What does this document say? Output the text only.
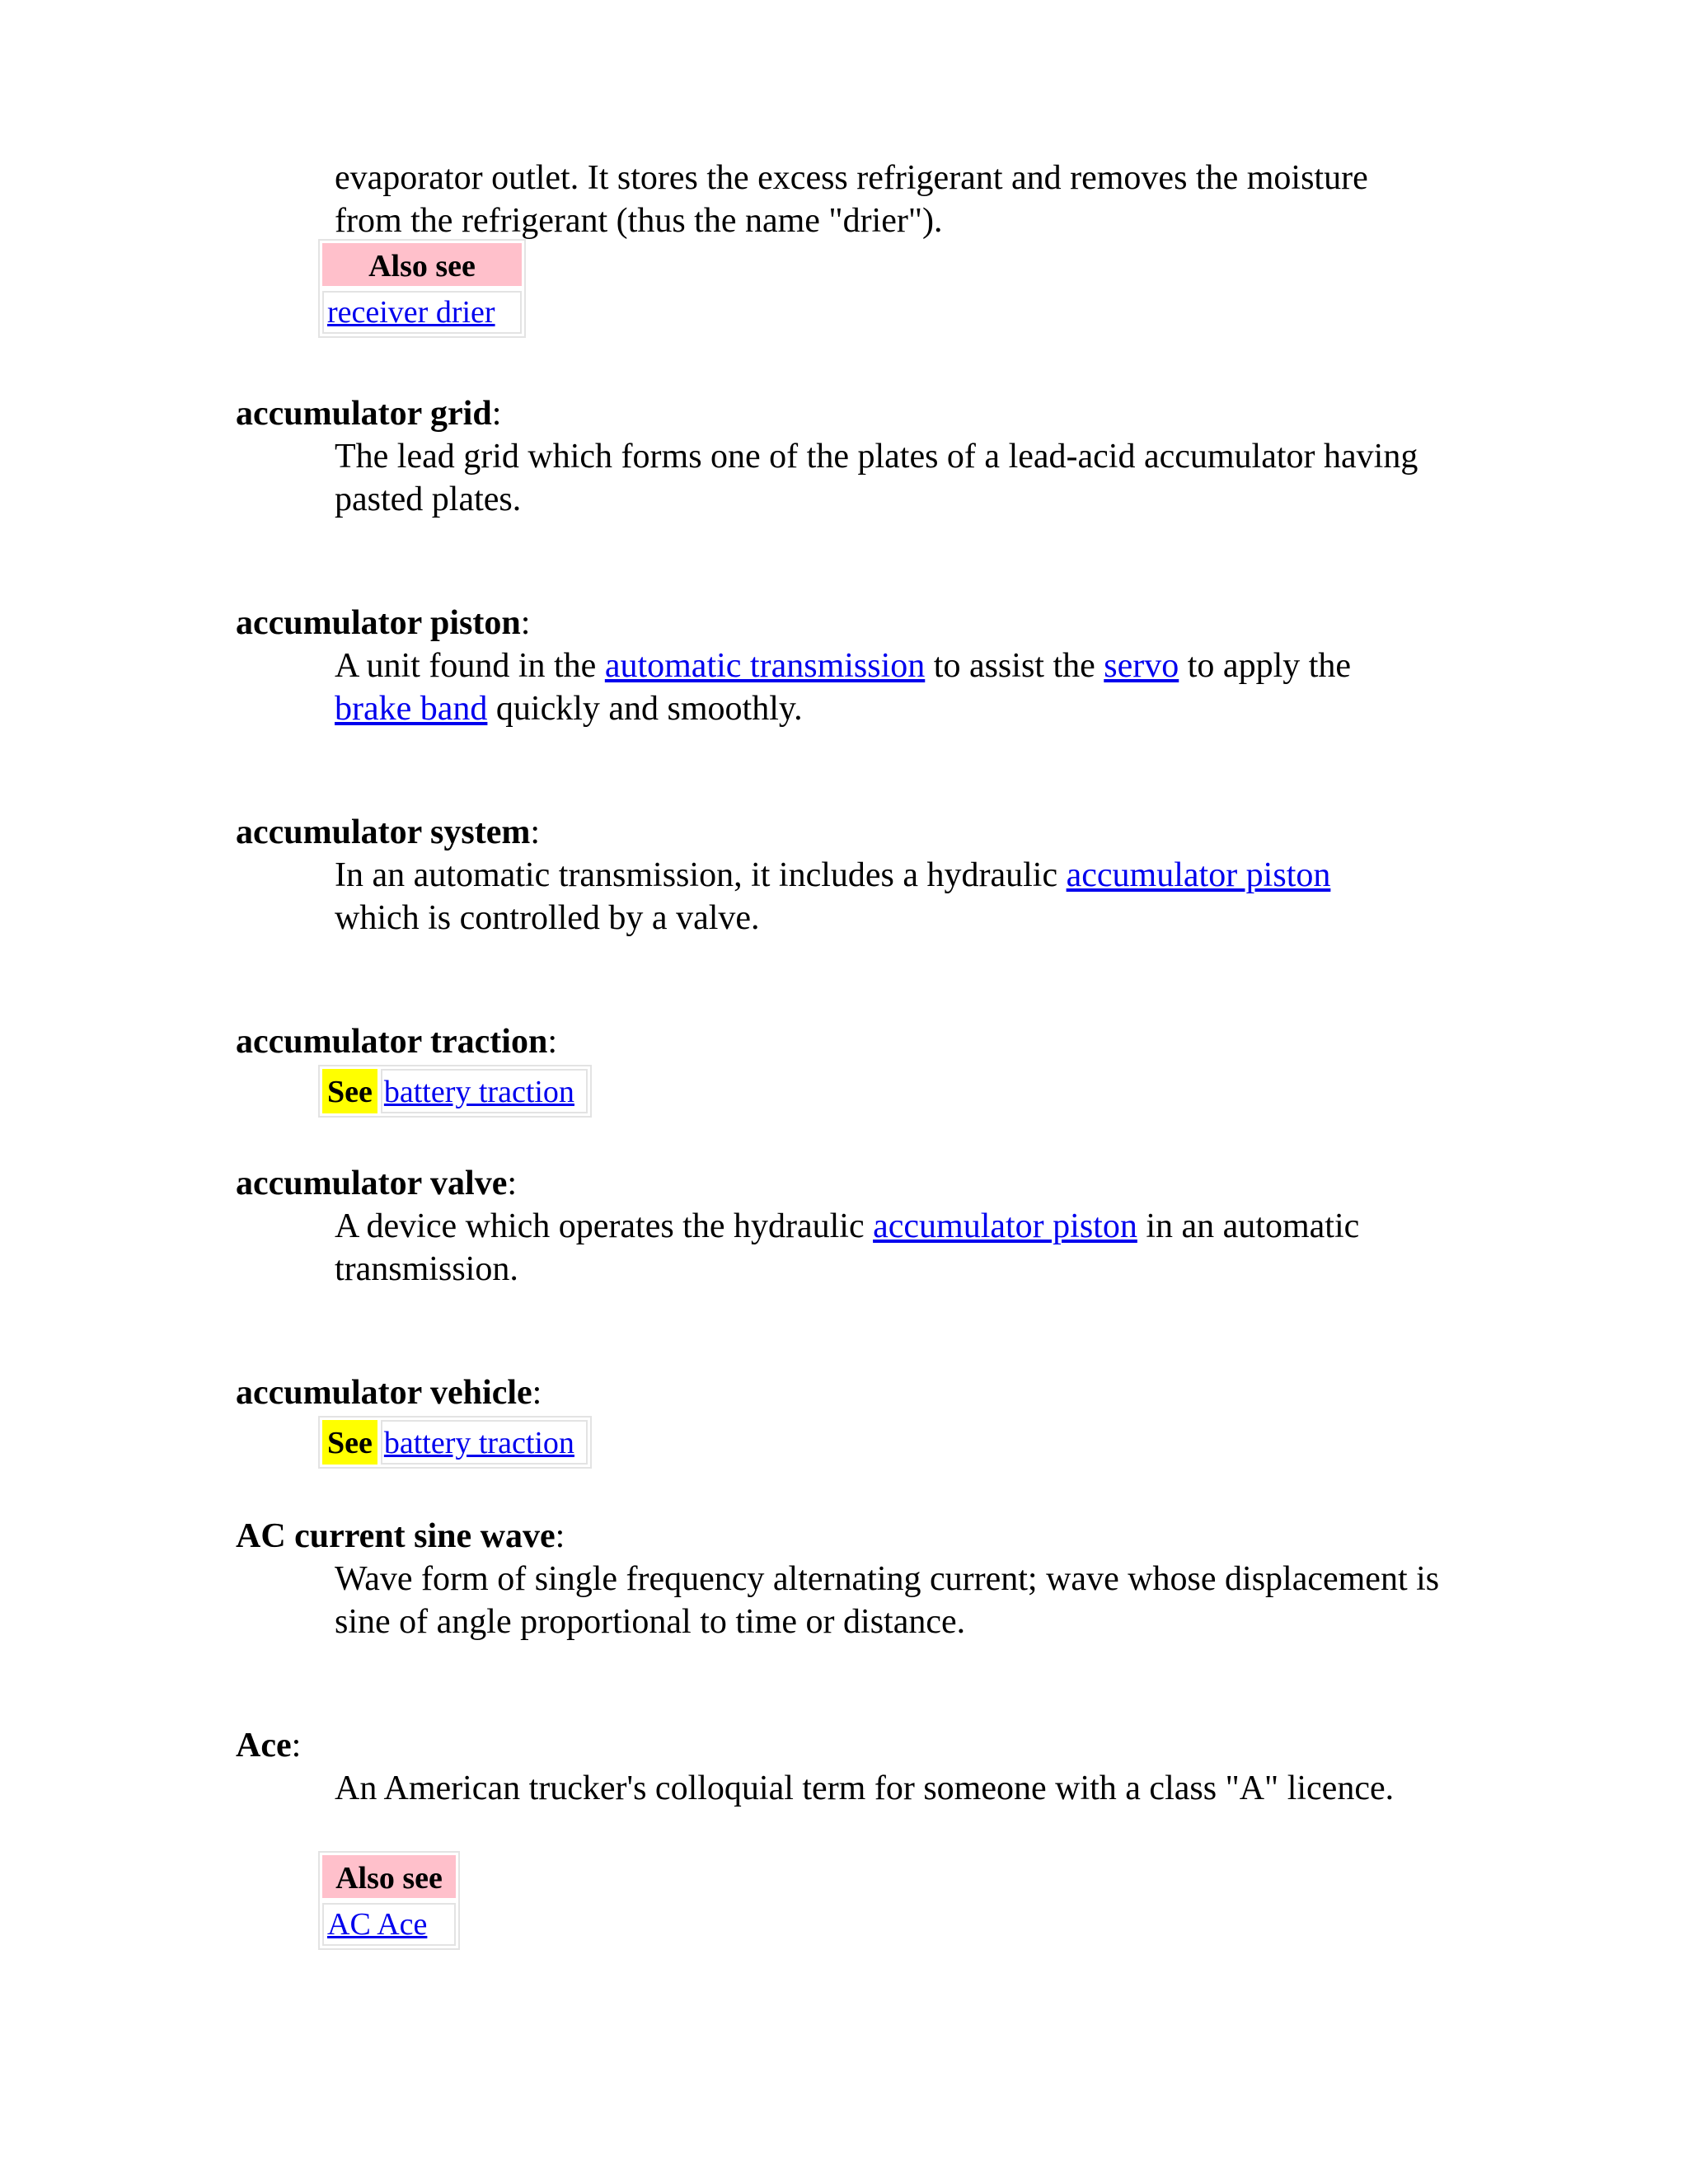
evaporator outlet. It stores the excess refrigerant and removes the moisture
from the refrigerant (thus the name "drier").
Also see
receiver drier
accumulator grid:
The lead grid which forms one of the plates of a lead-acid accumulator having pasted plates.
accumulator piston:
A unit found in the automatic transmission to assist the servo to apply the
brake band quickly and smoothly.
accumulator system:
In an automatic transmission, it includes a hydraulic accumulator piston
which is controlled by a valve.
accumulator traction:
See battery traction
accumulator valve:
A device which operates the hydraulic accumulator piston in an automatic transmission.
accumulator vehicle:
See battery traction
AC current sine wave:
Wave form of single frequency alternating current; wave whose displacement is sine of angle proportional to time or distance.
Ace:
An American trucker's colloquial term for someone with a class "A" licence.
Also see
AC Ace
